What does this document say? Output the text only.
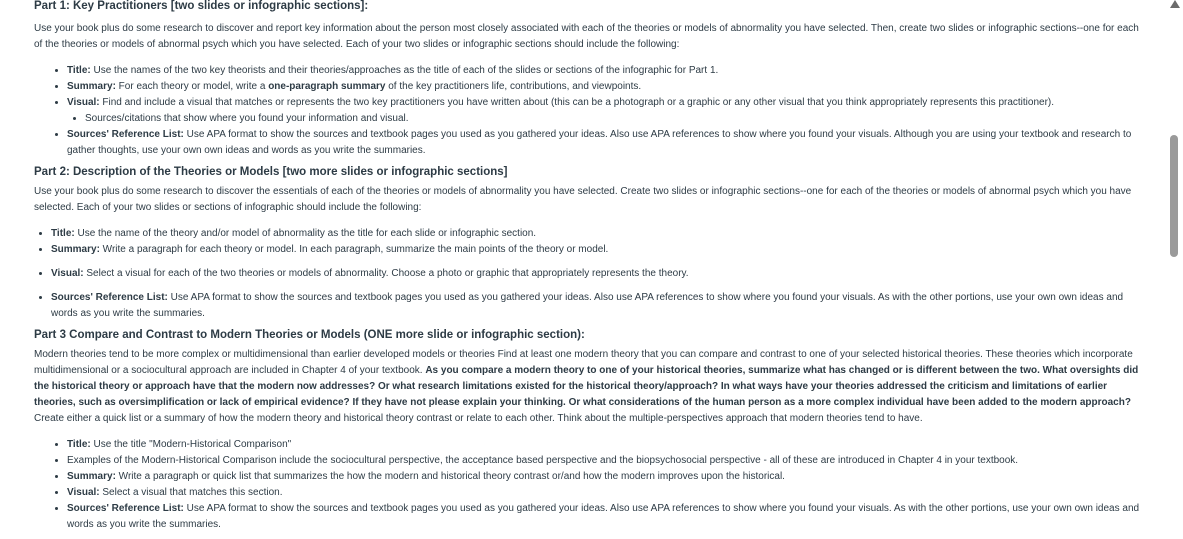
Part 1: Key Practitioners [two slides or infographic sections]:

Use your book plus do some research to discover and report key information about the person most closely associated with each of the theories or models of abnormality you have selected. Then, create two slides or infographic sections--one for each of the theories or models of abnormal psych which you have selected. Each of your two slides or infographic sections should include the following:

• Title: Use the names of the two key theorists and their theories/approaches as the title of each of the slides or sections of the infographic for Part 1.
• Summary: For each theory or model, write a one-paragraph summary of the key practitioners life, contributions, and viewpoints.
• Visual: Find and include a visual that matches or represents the two key practitioners you have written about (this can be a photograph or a graphic or any other visual that you think appropriately represents this practitioner).
• Sources/citations that show where you found your information and visual.
• Sources' Reference List: Use APA format to show the sources and textbook pages you used as you gathered your ideas. Also use APA references to show where you found your visuals. Although you are using your textbook and research to gather thoughts, use your own own ideas and words as you write the summaries.
Part 2: Description of the Theories or Models [two more slides or infographic sections]

Use your book plus do some research to discover the essentials of each of the theories or models of abnormality you have selected. Create two slides or infographic sections--one for each of the theories or models of abnormal psych which you have selected. Each of your two slides or sections of infographic should include the following:

• Title: Use the name of the theory and/or model of abnormality as the title for each slide or infographic section.
• Summary: Write a paragraph for each theory or model. In each paragraph, summarize the main points of the theory or model.
• Visual: Select a visual for each of the two theories or models of abnormality. Choose a photo or graphic that appropriately represents the theory.
• Sources' Reference List: Use APA format to show the sources and textbook pages you used as you gathered your ideas. Also use APA references to show where you found your visuals. As with the other portions, use your own own ideas and words as you write the summaries.
Part 3 Compare and Contrast to Modern Theories or Models (ONE more slide or infographic section):

Modern theories tend to be more complex or multidimensional than earlier developed models or theories Find at least one modern theory that you can compare and contrast to one of your selected historical theories. These theories which incorporate multidimensional or a sociocultural approach are included in Chapter 4 of your textbook. As you compare a modern theory to one of your historical theories, summarize what has changed or is different between the two. What oversights did the historical theory or approach have that the modern now addresses? Or what research limitations existed for the historical theory/approach? In what ways have your theories addressed the criticism and limitations of earlier theories, such as oversimplification or lack of empirical evidence? If they have not please explain your thinking. Or what considerations of the human person as a more complex individual have been added to the modern approach? Create either a quick list or a summary of how the modern theory and historical theory contrast or relate to each other. Think about the multiple-perspectives approach that modern theories tend to have.

• Title: Use the title "Modern-Historical Comparison"
• Examples of the Modern-Historical Comparison include the sociocultural perspective, the acceptance based perspective and the biopsychosocial perspective - all of these are introduced in Chapter 4 in your textbook.
• Summary: Write a paragraph or quick list that summarizes the how the modern and historical theory contrast or/and how the modern improves upon the historical.
• Visual: Select a visual that matches this section.
• Sources' Reference List: Use APA format to show the sources and textbook pages you used as you gathered your ideas. Also use APA references to show where you found your visuals. As with the other portions, use your own own ideas and words as you write the summaries.
